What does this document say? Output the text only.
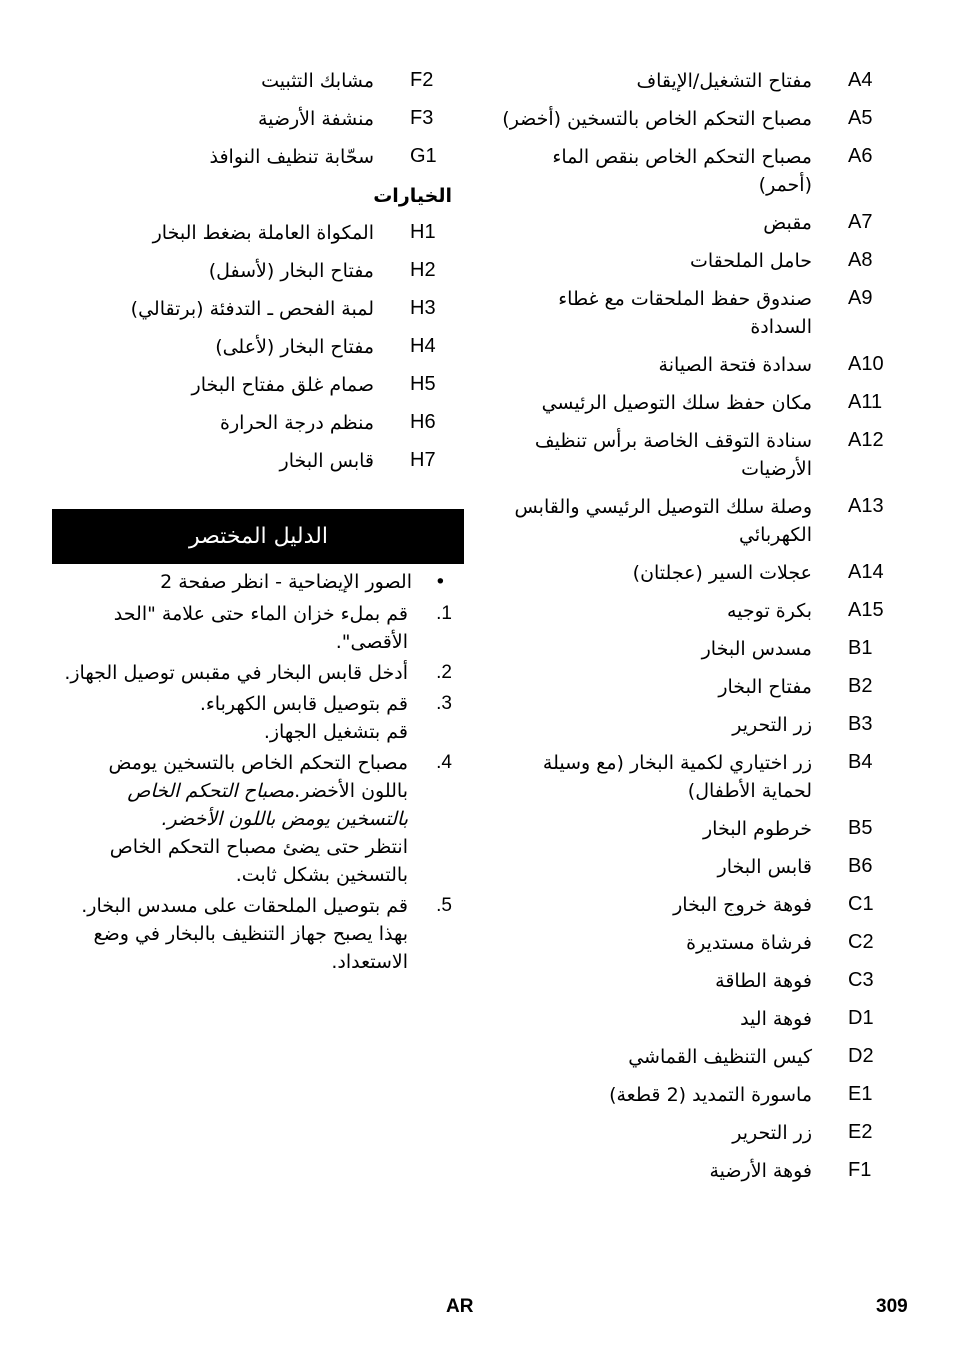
A4
مفتاح التشغيل/الإيقاف
A5
مصباح التحكم الخاص بالتسخين (أخضر)
A6
مصباح التحكم الخاص بنقص الماء (أحمر)
A7
مقبض
A8
حامل الملحقات
A9
صندوق حفظ الملحقات مع غطاء السدادة
A10
سدادة فتحة الصيانة
A11
مكان حفظ سلك التوصيل الرئيسي
A12
سنادة التوقف الخاصة برأس تنظيف الأرضيات
A13
وصلة سلك التوصيل الرئيسي والقابس الكهربائي
A14
عجلات السير (عجلتان)
A15
بكرة توجيه
B1
مسدس البخار
B2
مفتاح البخار
B3
زر التحرير
B4
زر اختياري لكمية البخار (مع وسيلة لحماية الأطفال)
B5
خرطوم البخار
B6
قابس البخار
C1
فوهة خروج البخار
C2
فرشاة مستديرة
C3
فوهة الطاقة
D1
فوهة اليد
D2
كيس التنظيف القماشي
E1
ماسورة التمديد (2 قطعة)
E2
زر التحرير
F1
فوهة الأرضية
F2
مشابك التثبيت
F3
منشفة الأرضية
G1
سحّابة تنظيف النوافذ
الخيارات
H1
المكواة العاملة بضغط البخار
H2
مفتاح البخار (لأسفل)
H3
لمبة الفحص ـ التدفئة (برتقالي)
H4
مفتاح البخار (لأعلى)
H5
صمام غلق مفتاح البخار
H6
منظم درجة الحرارة
H7
قابس البخار
الدليل المختصر
•
الصور الإيضاحية - انظر صفحة 2
1.
قم بملء خزان الماء حتى علامة "الحد الأقصى".
2.
أدخل قابس البخار في مقبس توصيل الجهاز.
3.
قم بتوصيل قابس الكهرباء.
قم بتشغيل الجهاز.
4.
مصباح التحكم الخاص بالتسخين يومض باللون الأخضر.مصباح التحكم الخاص بالتسخين يومض باللون الأخضر.
انتظر حتى يضئ مصباح التحكم الخاص بالتسخين بشكل ثابت.
5.
قم بتوصيل الملحقات على مسدس البخار.
بهذا يصبح جهاز التنظيف بالبخار في وضع الاستعداد.
AR	309
